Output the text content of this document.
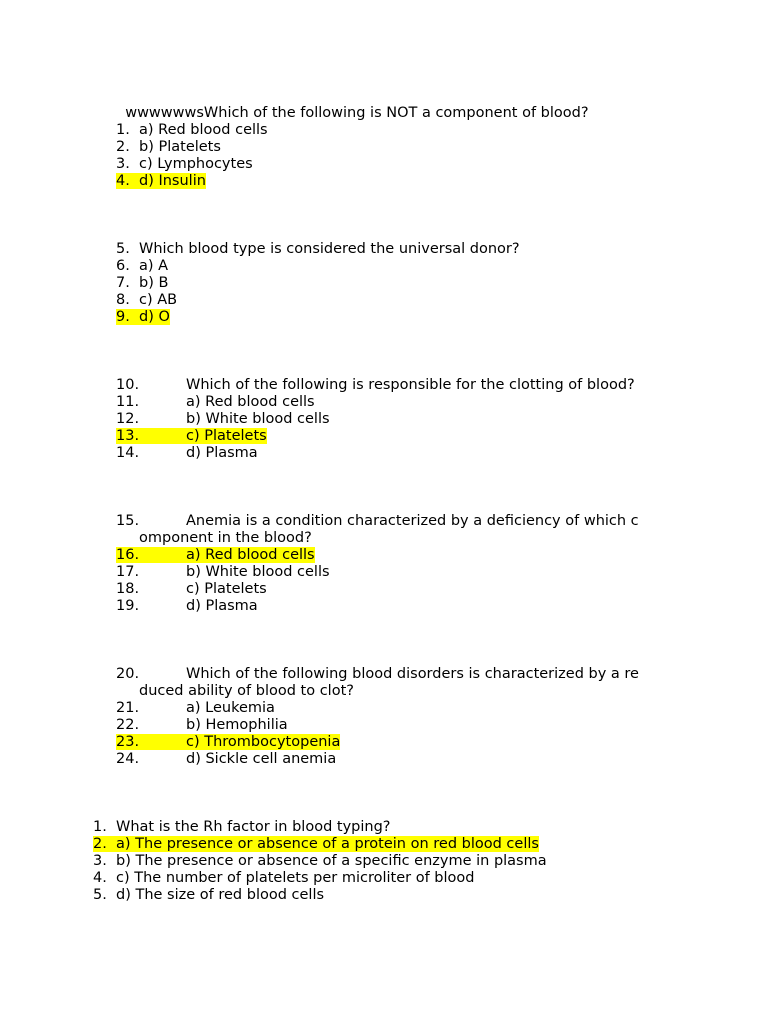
wwwwwwsWhich of the following is NOT a component of blood?

1. a) Red blood cells
2. b) Platelets
3. c) Lymphocytes
4. d) Insulin
5. Which blood type is considered the universal donor?
6. a) A
7. b) B
8. c) AB
9. d) O
10.	Which of the following is responsible for the clotting of blood?
11.	a) Red blood cells
12.	b) White blood cells
13.	c) Platelets
14.	d) Plasma
15.	Anemia is a condition characterized by a deficiency of which c
omponent in the blood?
16.	a) Red blood cells
17.	b) White blood cells
18.	c) Platelets
19.	d) Plasma
20.	Which of the following blood disorders is characterized by a re
duced ability of blood to clot?
21.	a) Leukemia
22.	b) Hemophilia
23.	c) Thrombocytopenia
24.	d) Sickle cell anemia
1. What is the Rh factor in blood typing?
2. a) The presence or absence of a protein on red blood cells
3. b) The presence or absence of a specific enzyme in plasma
4. c) The number of platelets per microliter of blood
5. d) The size of red blood cells
